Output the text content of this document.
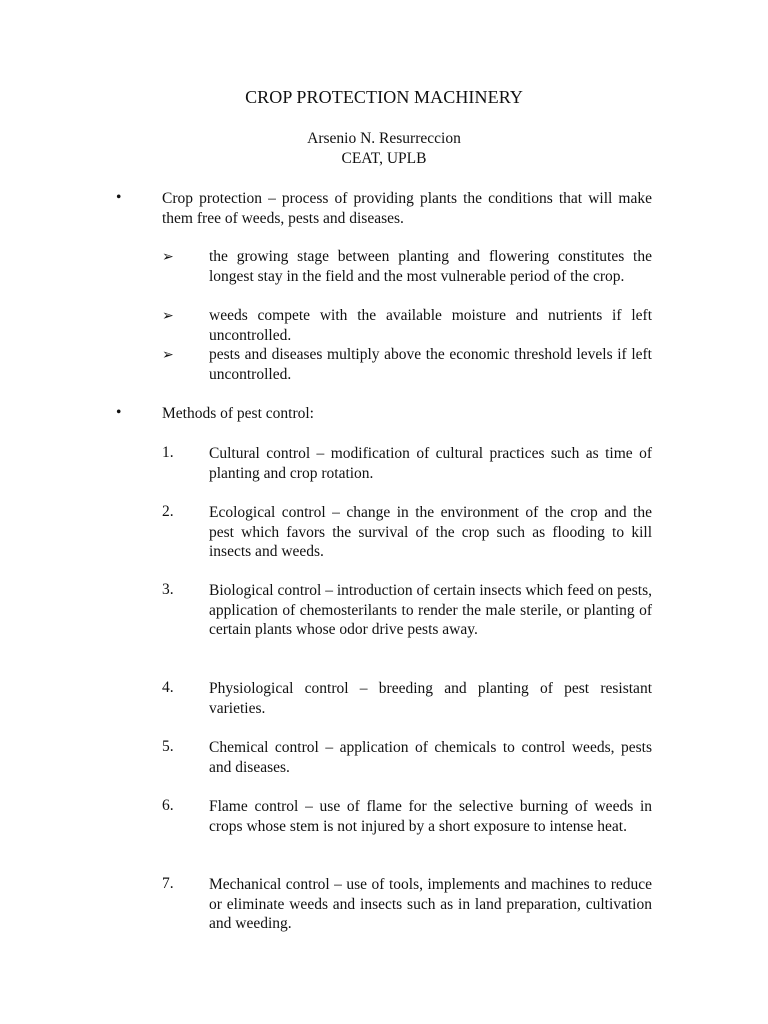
CROP PROTECTION MACHINERY
Arsenio N. Resurreccion
CEAT, UPLB
•	Crop protection – process of providing plants the conditions that will make them free of weeds, pests and diseases.
➢ the growing stage between planting and flowering constitutes the longest stay in the field and the most vulnerable period of the crop.
➢ weeds compete with the available moisture and nutrients if left uncontrolled.
➢ pests and diseases multiply above the economic threshold levels if left uncontrolled.
•	Methods of pest control:
1. Cultural control – modification of cultural practices such as time of planting and crop rotation.
2. Ecological control – change in the environment of the crop and the pest which favors the survival of the crop such as flooding to kill insects and weeds.
3. Biological control – introduction of certain insects which feed on pests, application of chemosterilants to render the male sterile, or planting of certain plants whose odor drive pests away.
4. Physiological control – breeding and planting of pest resistant varieties.
5. Chemical control – application of chemicals to control weeds, pests and diseases.
6. Flame control – use of flame for the selective burning of weeds in crops whose stem is not injured by a short exposure to intense heat.
7. Mechanical control – use of tools, implements and machines to reduce or eliminate weeds and insects such as in land preparation, cultivation and weeding.
